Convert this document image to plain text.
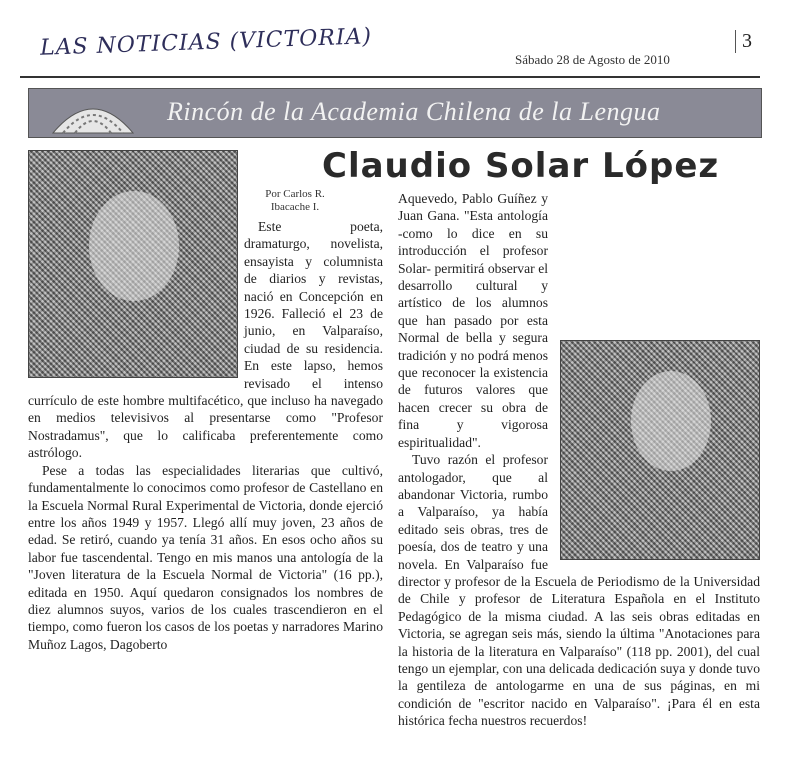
LAS NOTICIAS (VICTORIA)	Sábado 28 de Agosto de 2010
3
Rincón de la Academia Chilena de la Lengua
Claudio Solar López
Por Carlos R.
Ibacache I.

Este poeta, dramaturgo, novelista, ensayista y columnista de diarios y revistas, nació en Concepción en 1926. Falleció el 23 de junio, en Valparaíso, ciudad de su residencia. En este lapso, hemos revisado el intenso currículo de este hombre multifacético, que incluso ha navegado en medios televisivos al presentarse como "Profesor Nostradamus", que lo calificaba preferentemente como astrólogo.

Pese a todas las especialidades literarias que cultivó, fundamentalmente lo conocimos como profesor de Castellano en la Escuela Normal Rural Experimental de Victoria, donde ejerció entre los años 1949 y 1957. Llegó allí muy joven, 23 años de edad. Se retiró, cuando ya tenía 31 años. En esos ocho años su labor fue tascendental. Tengo en mis manos una antología de la "Joven literatura de la Escuela Normal de Victoria" (16 pp.), editada en 1950. Aquí quedaron consignados los nombres de diez alumnos suyos, varios de los cuales trascendieron en el tiempo, como fueron los casos de los poetas y narradores Marino Muñoz Lagos, Dagoberto

Aquevedo, Pablo Guíñez y Juan Gana. "Esta antología -como lo dice en su introducción el profesor Solar- permitirá observar el desarrollo cultural y artístico de los alumnos que han pasado por esta Normal de bella y segura tradición y no podrá menos que reconocer la existencia de futuros valores que hacen crecer su obra de fina y vigorosa espiritualidad".

Tuvo razón el profesor antologador, que al abandonar Victoria, rumbo a Valparaíso, ya había editado seis obras, tres de poesía, dos de teatro y una novela. En Valparaíso fue director y profesor de la Escuela de Periodismo de la Universidad de Chile y profesor de Literatura Española en el Instituto Pedagógico de la misma ciudad. A las seis obras editadas en Victoria, se agregan seis más, siendo la última "Anotaciones para la historia de la literatura en Valparaíso" (118 pp. 2001), del cual tengo un ejemplar, con una delicada dedicación suya y donde tuvo la gentileza de antologarme en una de sus páginas, en mi condición de "escritor nacido en Valparaíso". ¡Para él en esta histórica fecha nuestros recuerdos!
